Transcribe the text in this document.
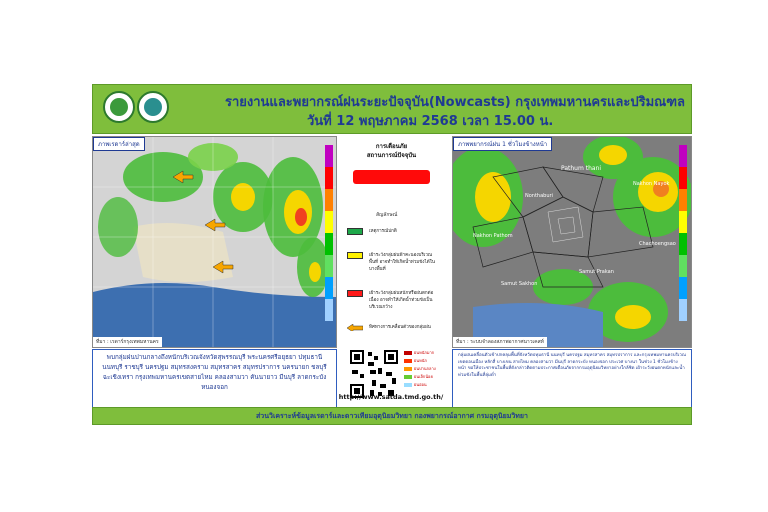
รายงานและพยากรณ์ฝนระยะปัจจุบัน(Nowcasts) กรุงเทพมหานครและปริมณฑล
วันที่ 12 พฤษภาคม 2568 เวลา 15.00 น.
ภาพเรดาร์ล่าสุด
ที่มา : เรดาร์กรุงเทพมหานคร
การเตือนภัย
สถานการณ์ปัจจุบัน
สัญลักษณ์
เหตุการณ์ปกติ
เฝ้าระวังกลุ่มฝนฟ้าคะนองบริเวณพื้นที่ อาจทำให้เกิดน้ำท่วมขังได้ในบางพื้นที่
เฝ้าระวังกลุ่มฝนหนักหรือฝนตกต่อเนื่อง อาจทำให้เกิดน้ำท่วมขังเป็นบริเวณกว้าง
ทิศทางการเคลื่อนตัวของกลุ่มฝน
Pathum thani
Nonthaburi
Nakhon Nayok
Nakhon Pathom
Chachoengsao
Samut Prakan
Samut Sakhon
ภาพพยากรณ์ฝน 1 ชั่วโมงข้างหน้า
ที่มา : ระบบจำลองสภาพอากาศนาวเคสท์
พบกลุ่มฝนปานกลางถึงหนักบริเวณจังหวัดสุพรรณบุรี พระนครศรีอยุธยา ปทุมธานี นนทบุรี ราชบุรี นครปฐม สมุทรสงคราม สมุทรสาคร สมุทรปราการ นครนายก ชลบุรี ฉะเชิงเทรา กรุงเทพมหานครเขตสายไหม คลองสามวา คันนายาว มีนบุรี ลาดกระบัง หนองจอก
http://www.satda.tmd.go.th/
ฝนหนักมาก
ฝนหนัก
ฝนปานกลาง
ฝนเล็กน้อย
ฝนอ่อน
กลุ่มฝนเคลื่อนตัวเข้าปกคลุมพื้นที่จังหวัดปทุมธานี นนทบุรี นครปฐม สมุทรสาคร สมุทรปราการ และกรุงเทพมหานครบริเวณเขตดอนเมือง หลักสี่ บางเขน สายไหม คลองสามวา มีนบุรี ลาดกระบัง หนองจอก ประเวศ บางนา ในช่วง 1 ชั่วโมงข้างหน้า ขอให้ประชาชนในพื้นที่ดังกล่าวติดตามประกาศเตือนภัยจากกรมอุตุนิยมวิทยาอย่างใกล้ชิด เฝ้าระวังฝนตกหนักและน้ำท่วมขังในพื้นที่ลุ่มต่ำ
ส่วนวิเคราะห์ข้อมูลเรดาร์และดาวเทียมอุตุนิยมวิทยา กองพยากรณ์อากาศ กรมอุตุนิยมวิทยา
